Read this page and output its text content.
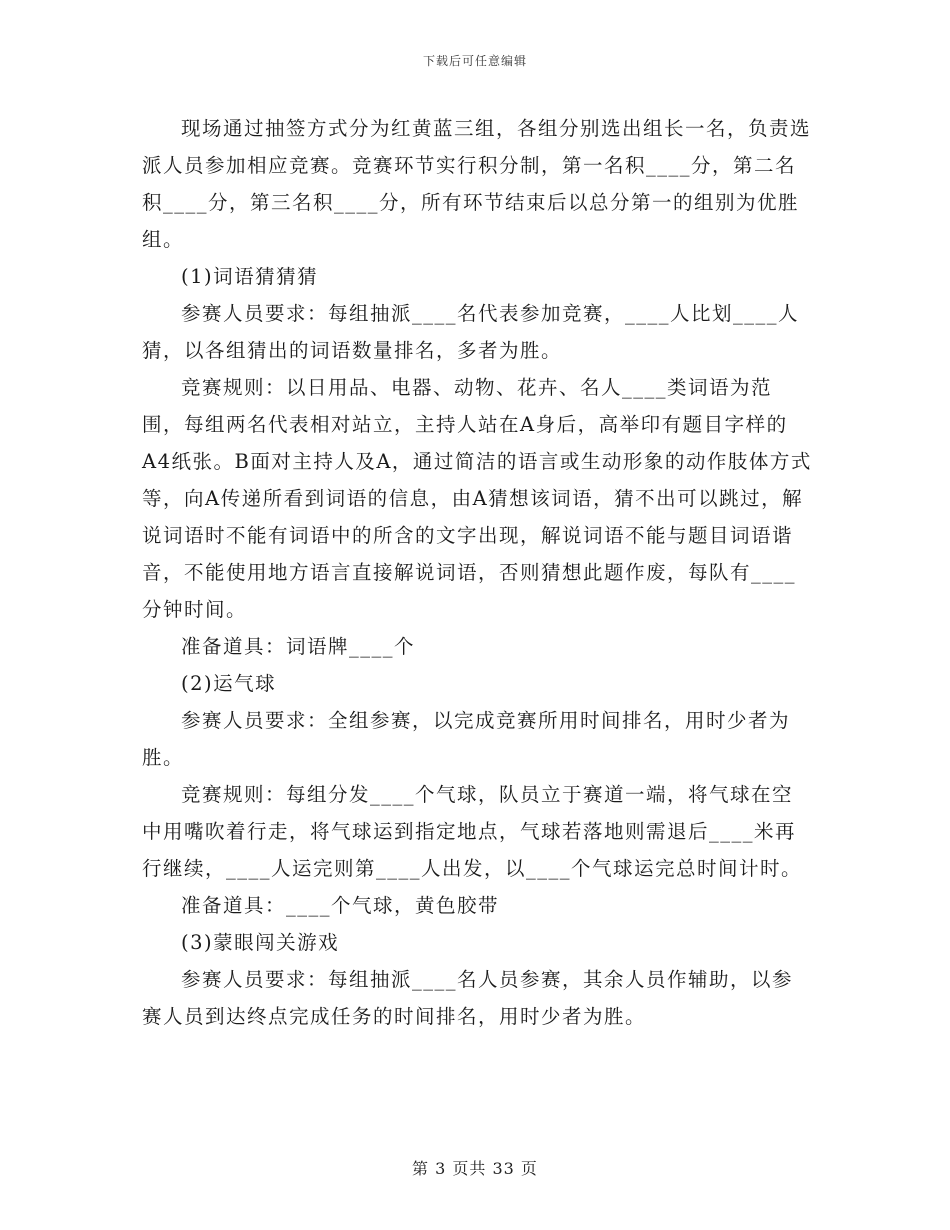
下载后可任意编辑

现场通过抽签方式分为红黄蓝三组，各组分别选出组长一名，负责选派人员参加相应竞赛。竞赛环节实行积分制，第一名积____分，第二名积____分，第三名积____分，所有环节结束后以总分第一的组别为优胜组。

(1)词语猜猜猜

参赛人员要求：每组抽派____名代表参加竞赛，____人比划____人猜，以各组猜出的词语数量排名，多者为胜。

竞赛规则：以日用品、电器、动物、花卉、名人____类词语为范围，每组两名代表相对站立，主持人站在A身后，高举印有题目字样的A4纸张。B面对主持人及A，通过简洁的语言或生动形象的动作肢体方式等，向A传递所看到词语的信息，由A猜想该词语，猜不出可以跳过，解说词语时不能有词语中的所含的文字出现，解说词语不能与题目词语谐音，不能使用地方语言直接解说词语，否则猜想此题作废，每队有____分钟时间。

准备道具：词语牌____个

(2)运气球

参赛人员要求：全组参赛，以完成竞赛所用时间排名，用时少者为胜。

竞赛规则：每组分发____个气球，队员立于赛道一端，将气球在空中用嘴吹着行走，将气球运到指定地点，气球若落地则需退后____米再行继续，____人运完则第____人出发，以____个气球运完总时间计时。

准备道具：____个气球，黄色胶带

(3)蒙眼闯关游戏

参赛人员要求：每组抽派____名人员参赛，其余人员作辅助，以参赛人员到达终点完成任务的时间排名，用时少者为胜。

第 3 页共 33 页
